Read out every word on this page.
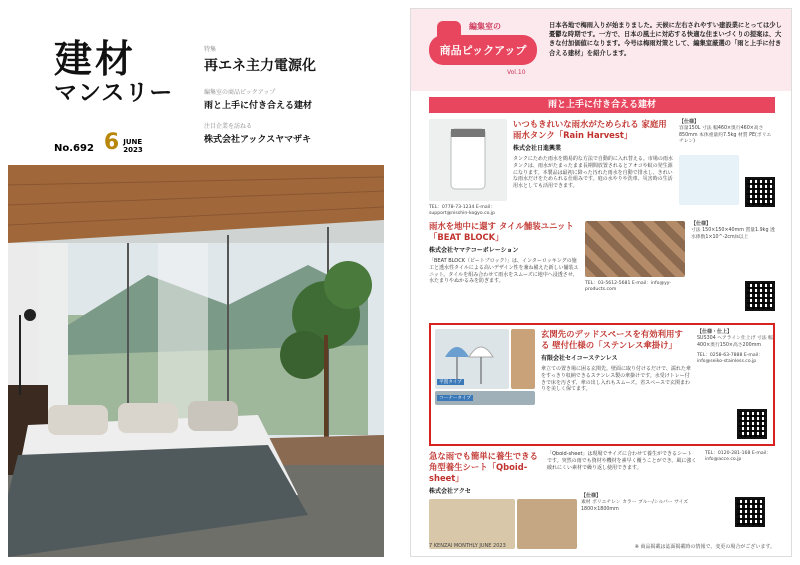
建材
マンスリー
No.692 6 JUNE
2023
特集
再エネ主力電源化
編集室の商品ピックアップ
雨と上手に付き合える建材
注目企業を訪ねる
株式会社アックスヤマザキ
編集室の
商品ピックアップ
Vol.10
日本各地で梅雨入りが始まりました。天候に左右されやすい建設業にとっては少し憂鬱な時期です。一方で、日本の風土に対応する快適な住まいづくりの提案は、大きな付加価値になります。今号は梅雨対策として、編集室厳選の「雨と上手に付き合える建材」を紹介します。
雨と上手に付き合える建材
いつもきれいな雨水がためられる 家庭用雨水タンク「Rain Harvest」
株式会社日進興業
タンクにためた雨水を簡易的な方法で自動的に入れ替える。市場の雨水タンクは、雨水がたまったまま長期間放置されるとアオコや蚊の発生源になります。本製品は最初に降った汚れた雨水を自動で排水し、きれいな雨水だけをためられる仕組みです。庭の水やりや洗車、災害時の生活用水としても活用できます。
TEL：0778-73-1234 E-mail：support@nisshin-kogyo.co.jp
【仕様】
容量150L 寸法 幅460×奥行460×高さ850mm 本体重量約7.5kg 材質 PE(ポリエチレン)
雨水を地中に還す タイル舗装ユニット「BEAT BLOCK」
株式会社ヤマテコーポレーション
「BEAT BLOCK（ビートブロック）」は、インターロッキングの施工と透水性タイルによる高いデザイン性を兼ね備えた新しい舗装ユニット。タイルを組み合わせて雨水をスムーズに地中へ浸透させ、水たまりやぬかるみを防ぎます。	TEL：03-5612-5681 E-mail：info@yy-products.com
【仕様】
寸法 150×150×40mm 質量1.9kg 透水係数1×10^-2cm/s以上
平置タイプ
コーナータイプ
玄関先のデッドスペースを有効利用する 壁付仕様の「ステンレス傘掛け」
有限会社セイコーステンレス
傘立ての置き場に困る玄関先。壁面に取り付けるだけで、濡れた傘をすっきり収納できるステンレス製の傘掛けです。水受けトレー付きで床を汚さず、傘の出し入れもスムーズ。省スペースで玄関まわりを美しく保てます。
【仕様・仕上】
SUS304 ヘアライン仕上げ 寸法 幅400×奥行150×高さ200mm
TEL：0258-63-7888 E-mail：info@seiko-stainless.co.jp
急な雨でも簡単に養生できる 角型養生シート「Qboid-sheet」
株式会社アクセ
「Qboid-sheet」は現場でサイズに合わせて養生ができるシートです。突然の雨でも資材や機材を素早く覆うことができ、風に強く破れにくい素材で繰り返し使用できます。
【仕様】
素材 ポリエチレン カラー ブルー/シルバー サイズ 1800×1800mm
TEL：0120-281-168 E-mail：info@acce.co.jp
7 KENZAI MONTHLY JUNE 2023	※ 商品掲載は誌面掲載時の情報で、変更の場合がございます。
